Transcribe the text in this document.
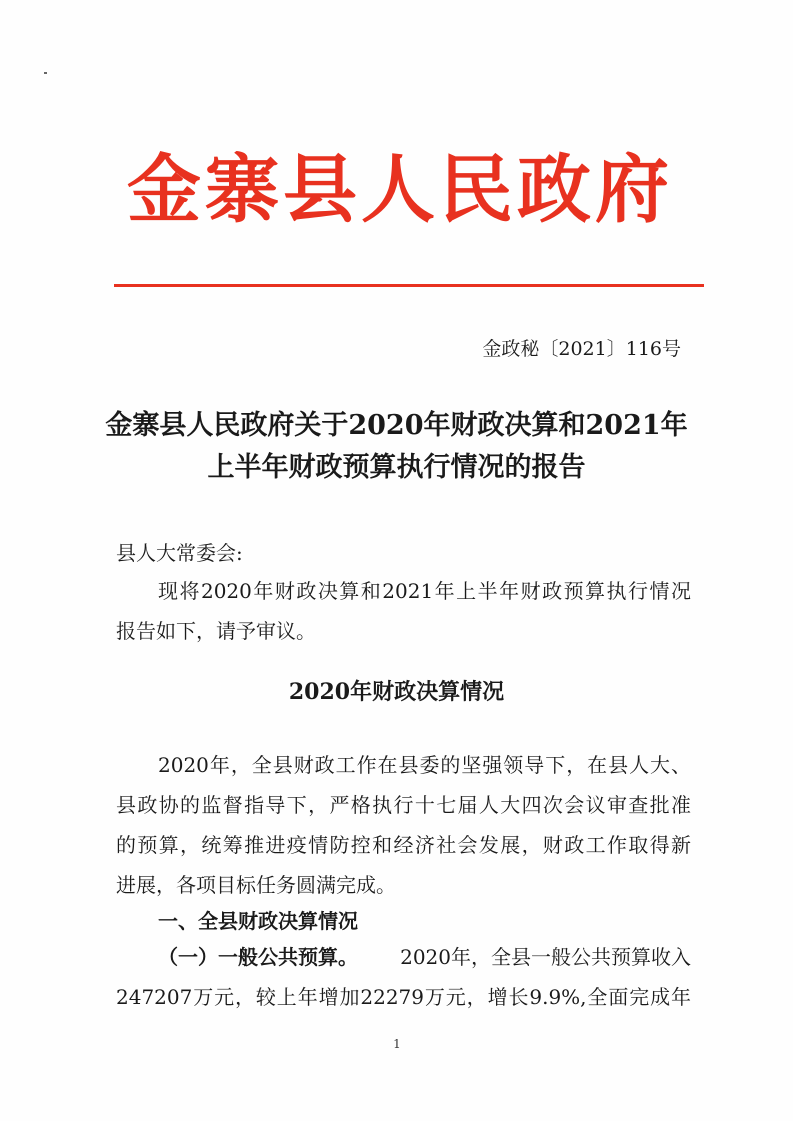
金寨县人民政府
金政秘〔2021〕116号
金寨县人民政府关于2020年财政决算和2021年
上半年财政预算执行情况的报告
县人大常委会:
现将2020年财政决算和2021年上半年财政预算执行情况
报告如下，请予审议。
2020年财政决算情况
2020年，全县财政工作在县委的坚强领导下，在县人大、
县政协的监督指导下，严格执行十七届人大四次会议审查批准
的预算，统筹推进疫情防控和经济社会发展，财政工作取得新
进展，各项目标任务圆满完成。
一、全县财政决算情况
（一）一般公共预算。 2020年，全县一般公共预算收入
247207万元，较上年增加22279万元，增长9.9%,全面完成年
1
